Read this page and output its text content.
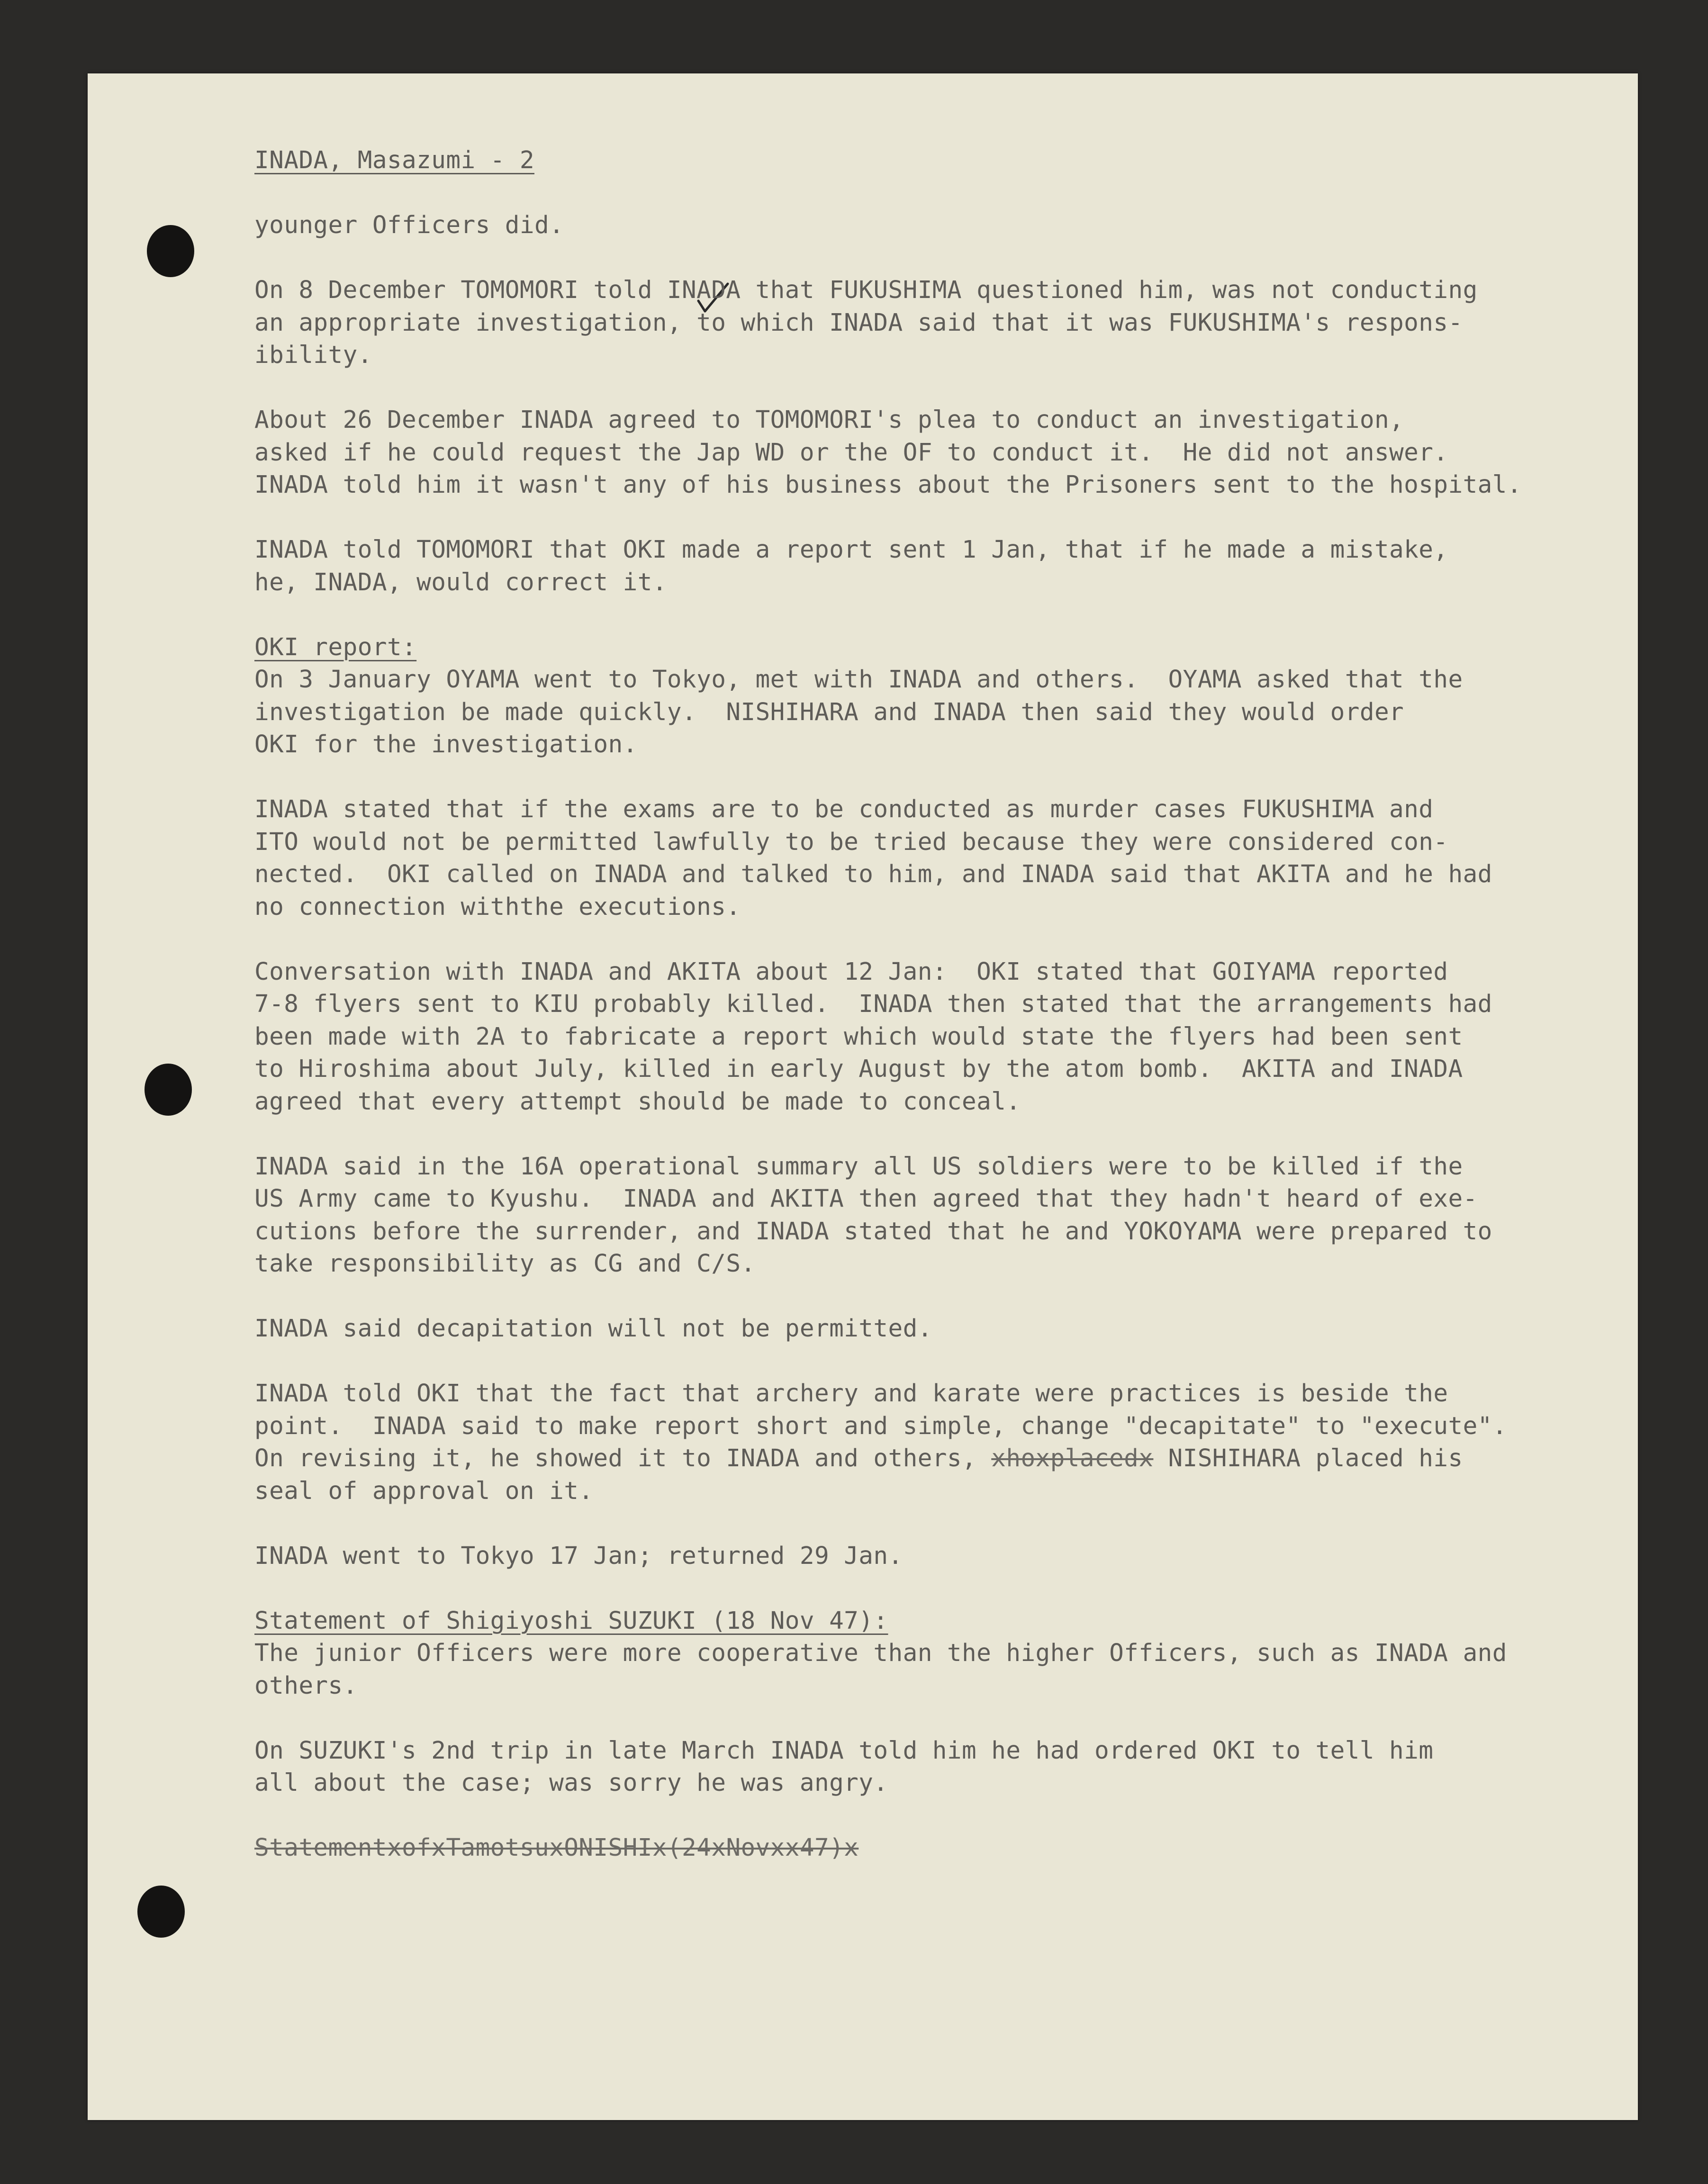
INADA, Masazumi - 2
younger Officers did.
On 8 December TOMOMORI told INADA that FUKUSHIMA questioned him, was not conducting
an appropriate investigation, to which INADA said that it was FUKUSHIMA's respons-
ibility.
About 26 December INADA agreed to TOMOMORI's plea to conduct an investigation,
asked if he could request the Jap WD or the OF to conduct it.  He did not answer.
INADA told him it wasn't any of his business about the Prisoners sent to the hospital.
INADA told TOMOMORI that OKI made a report sent 1 Jan, that if he made a mistake,
he, INADA, would correct it.
OKI report:
On 3 January OYAMA went to Tokyo, met with INADA and others.  OYAMA asked that the
investigation be made quickly.  NISHIHARA and INADA then said they would order
OKI for the investigation.
INADA stated that if the exams are to be conducted as murder cases FUKUSHIMA and
ITO would not be permitted lawfully to be tried because they were considered con-
nected.  OKI called on INADA and talked to him, and INADA said that AKITA and he had
no connection withthe executions.
Conversation with INADA and AKITA about 12 Jan:  OKI stated that GOIYAMA reported
7-8 flyers sent to KIU probably killed.  INADA then stated that the arrangements had
been made with 2A to fabricate a report which would state the flyers had been sent
to Hiroshima about July, killed in early August by the atom bomb.  AKITA and INADA
agreed that every attempt should be made to conceal.
INADA said in the 16A operational summary all US soldiers were to be killed if the
US Army came to Kyushu.  INADA and AKITA then agreed that they hadn't heard of exe-
cutions before the surrender, and INADA stated that he and YOKOYAMA were prepared to
take responsibility as CG and C/S.
INADA said decapitation will not be permitted.
INADA told OKI that the fact that archery and karate were practices is beside the
point.  INADA said to make report short and simple, change "decapitate" to "execute".
On revising it, he showed it to INADA and others, xhoxplacedx NISHIHARA placed his
seal of approval on it.
INADA went to Tokyo 17 Jan; returned 29 Jan.
Statement of Shigiyoshi SUZUKI (18 Nov 47):
The junior Officers were more cooperative than the higher Officers, such as INADA and
others.
On SUZUKI's 2nd trip in late March INADA told him he had ordered OKI to tell him
all about the case; was sorry he was angry.
StatementxofxTamotsuxONISHIx(24xNovxx47)x
